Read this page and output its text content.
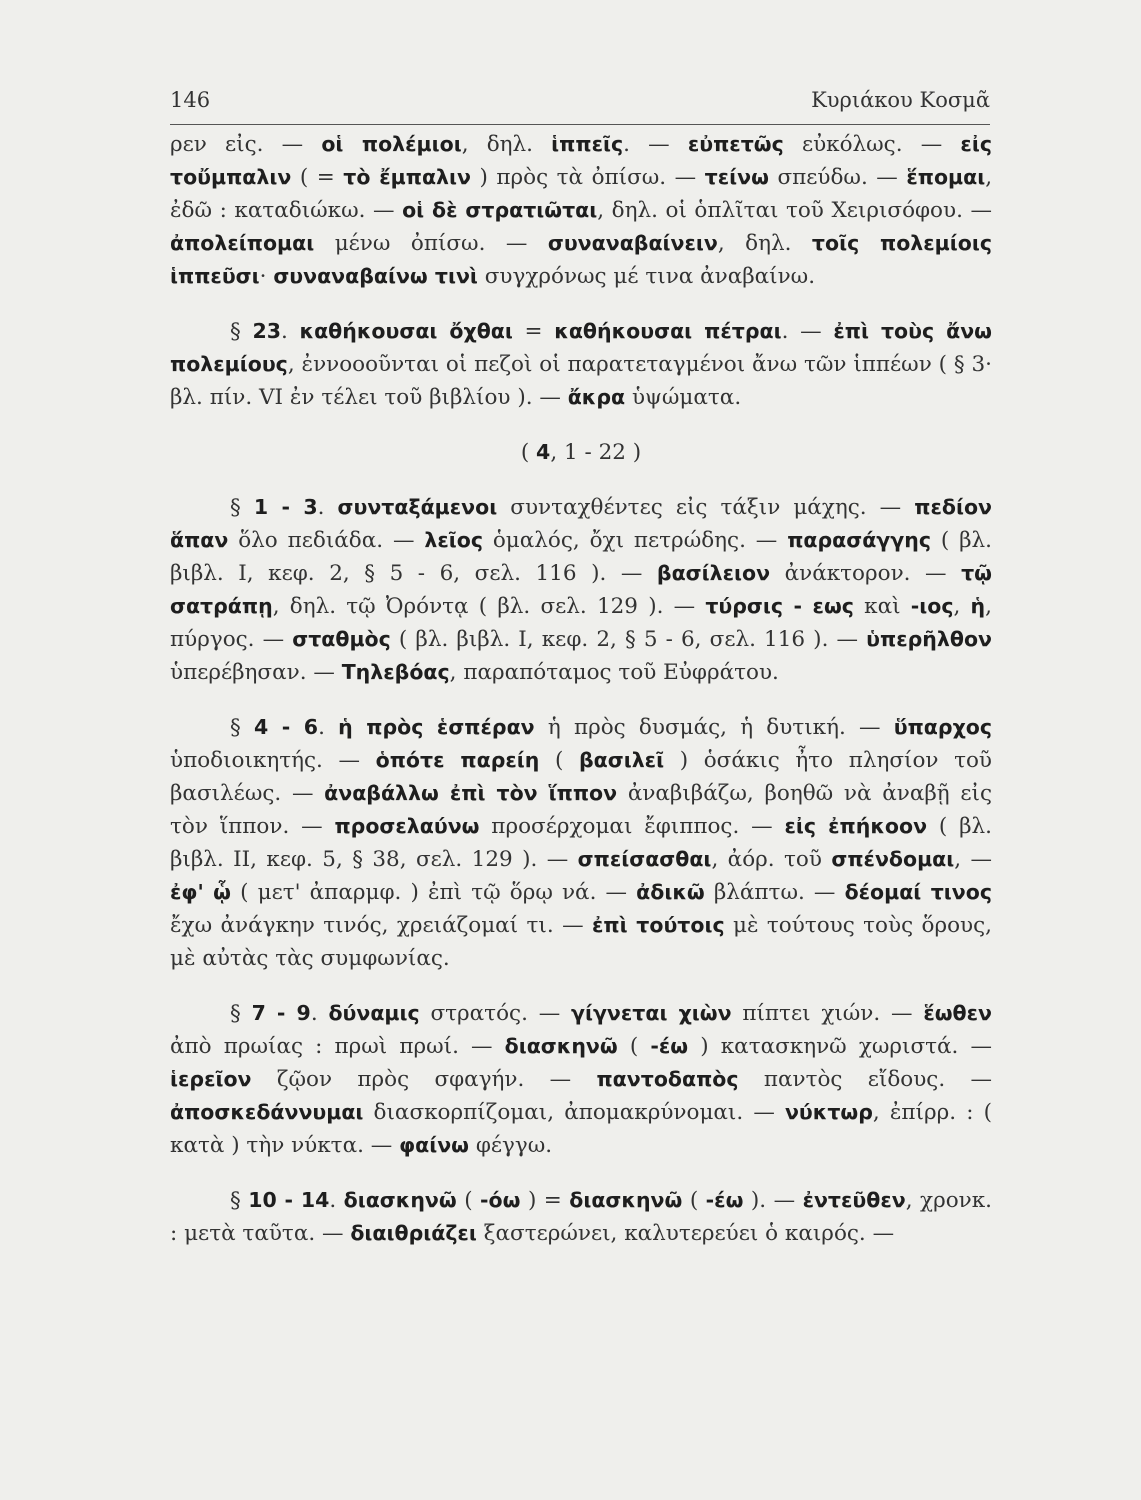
146	Κυριάκου Κοσμᾶ

ρεν εἰς. — οἱ πολέμιοι, δηλ. ἱππεῖς. — εὐπετῶς εὐκόλως. — εἰς τοὔμπαλιν ( = τὸ ἔμπαλιν ) πρὸς τὰ ὀπίσω. — τείνω σπεύδω. — ἕπομαι, ἐδῶ : καταδιώκω. — οἱ δὲ στρατιῶται, δηλ. οἱ ὁπλῖται τοῦ Χειρισόφου. — ἀπολείπομαι μένω ὀπίσω. — συναναβαίνειν, δηλ. τοῖς πολεμίοις ἱππεῦσι· συναναβαίνω τινὶ συγχρόνως μέ τινα ἀναβαίνω.

§ 23. καθήκουσαι ὄχθαι = καθήκουσαι πέτραι. — ἐπὶ τοὺς ἄνω πολεμίους, ἐννοοοῦνται οἱ πεζοὶ οἱ παρατεταγμένοι ἄνω τῶν ἱππέων ( § 3· βλ. πίν. VI ἐν τέλει τοῦ βιβλίου ). — ἄκρα ὑψώματα.

( 4, 1 - 22 )

§ 1 - 3. συνταξάμενοι συνταχθέντες εἰς τάξιν μάχης. — πεδίον ἅπαν ὅλο πεδιάδα. — λεῖος ὁμαλός, ὄχι πετρώδης. — παρασάγγης ( βλ. βιβλ. I, κεφ. 2, § 5 - 6, σελ. 116 ). — βασίλειον ἀνάκτορον. — τῷ σατράπῃ, δηλ. τῷ Ὀρόντᾳ ( βλ. σελ. 129 ). — τύρσις - εως καὶ -ιος, ἡ, πύργος. — σταθμὸς ( βλ. βιβλ. I, κεφ. 2, § 5 - 6, σελ. 116 ). — ὑπερῆλθον ὑπερέβησαν. — Τηλεβόας, παραπόταμος τοῦ Εὐφράτου.

§ 4 - 6. ἡ πρὸς ἑσπέραν ἡ πρὸς δυσμάς, ἡ δυτική. — ὕπαρχος ὑποδιοικητής. — ὁπότε παρείη ( βασιλεῖ ) ὁσάκις ἦτο πλησίον τοῦ βασιλέως. — ἀναβάλλω ἐπὶ τὸν ἵππον ἀναβιβάζω, βοηθῶ νὰ ἀναβῇ εἰς τὸν ἵππον. — προσελαύνω προσέρχομαι ἔφιππος. — εἰς ἐπήκοον ( βλ. βιβλ. II, κεφ. 5, § 38, σελ. 129 ). — σπείσασθαι, ἀόρ. τοῦ σπένδομαι, — ἐφ' ᾧ ( μετ' ἀπαρμφ. ) ἐπὶ τῷ ὅρῳ νά. — ἀδικῶ βλάπτω. — δέομαί τινος ἔχω ἀνάγκην τινός, χρειάζομαί τι. — ἐπὶ τούτοις μὲ τούτους τοὺς ὅρους, μὲ αὐτὰς τὰς συμφωνίας.

§ 7 - 9. δύναμις στρατός. — γίγνεται χιὼν πίπτει χιών. — ἕωθεν ἀπὸ πρωίας : πρωὶ πρωί. — διασκηνῶ ( -έω ) κατασκηνῶ χωριστά. — ἱερεῖον ζῷον πρὸς σφαγήν. — παντοδαπὸς παντὸς εἴδους. — ἀποσκεδάννυμαι διασκορπίζομαι, ἀπομακρύνομαι. — νύκτωρ, ἐπίρρ. : ( κατὰ ) τὴν νύκτα. — φαίνω φέγγω.

§ 10 - 14. διασκηνῶ ( -όω ) = διασκηνῶ ( -έω ). — ἐντεῦθεν, χρονκ. : μετὰ ταῦτα. — διαιθριάζει ξαστερώνει, καλυτερεύει ὁ καιρός. —
